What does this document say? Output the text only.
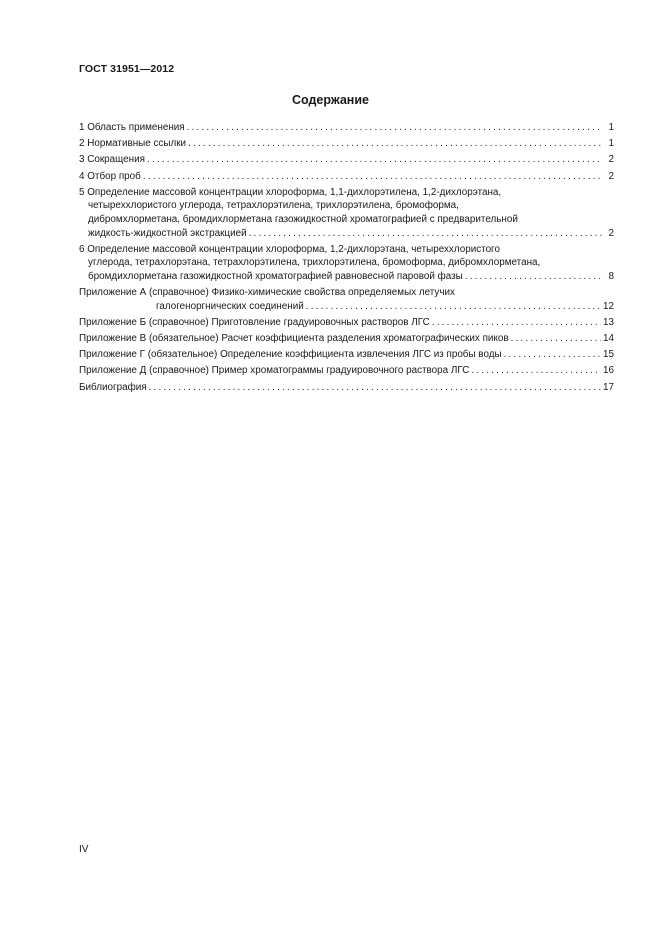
ГОСТ 31951—2012
Содержание
1 Область применения .....	1
2 Нормативные ссылки .....	1
3 Сокращения .....	2
4 Отбор проб .....	2
5 Определение массовой концентрации хлороформа, 1,1-дихлорэтилена, 1,2-дихлорэтана,
четыреххлористого углерода, тетрахлорэтилена, трихлорэтилена, бромоформа,
дибромхлорметана, бромдихлорметана газожидкостной хроматографией с предварительной
жидкость-жидкостной экстракцией .....	2
6 Определение массовой концентрации хлороформа, 1,2-дихлорэтана, четыреххлористого
углерода, тетрахлорэтана, тетрахлорэтилена, трихлорэтилена, бромоформа, дибромхлорметана,
бромдихлорметана газожидкостной хроматографией равновесной паровой фазы .....	8
Приложение А (справочное) Физико-химические свойства определяемых летучих
галогеноргнических соединений .....	12
Приложение Б (справочное) Приготовление градуировочных растворов ЛГС .....	13
Приложение В (обязательное) Расчет коэффициента разделения хроматографических пиков .....	14
Приложение Г (обязательное) Определение коэффициента извлечения ЛГС из пробы воды .....	15
Приложение Д (справочное) Пример хроматограммы градуировочного раствора ЛГС .....	16
Библиография .....	17
IV
